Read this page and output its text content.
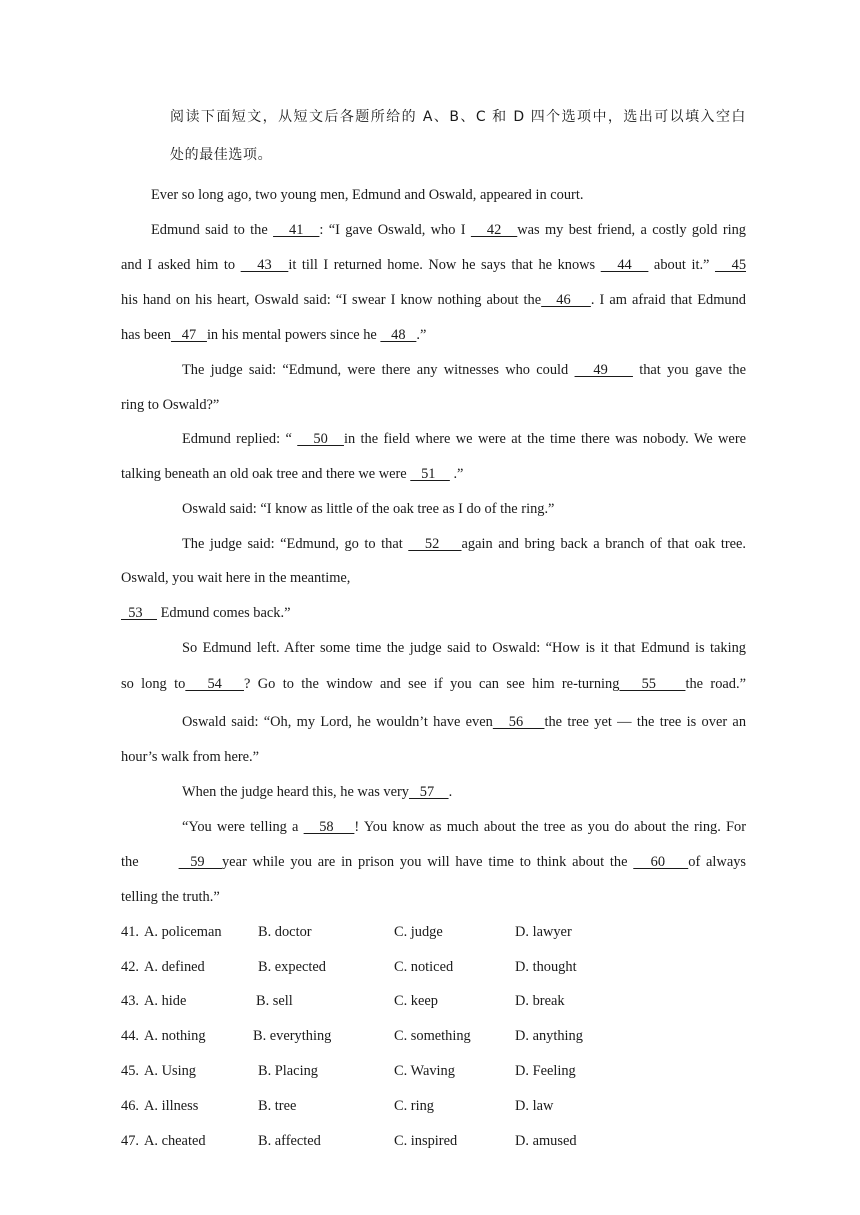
阅读下面短文，从短文后各题所给的 A、B、C 和 D 四个选项中，选出可以填入空白
处的最佳选项。
Ever so long ago, two young men, Edmund and Oswald, appeared in court.
Edmund said to the    41   : “I gave Oswald, who I    42   was my best friend, a costly gold ring
and I asked him to    43   it till I returned home. Now he says that he knows    44    about it.”    45
his hand on his heart, Oswald said: “I swear I know nothing about the   46    . I am afraid that Edmund
has been   47   in his mental powers since he    48   .”
The judge said: “Edmund, were there any witnesses who could    49     that you gave the
ring to Oswald?”
Edmund replied: “    50   in the field where we were at the time there was nobody. We were
talking beneath an old oak tree and there we were    51     .”
Oswald said: “I know as little of the oak tree as I do of the ring.”
The judge said: “Edmund, go to that    52    again and bring back a branch of that oak tree.
Oswald, you wait here in the meantime,
53     Edmund comes back.”
So Edmund left. After some time the judge said to Oswald: “How is it that Edmund is taking
so long to   54   ? Go to the window and see if you can see him re-turning   55    the road.”
Oswald said: “Oh, my Lord, he wouldn’t have even   56    the tree yet — the tree is over an
hour’s walk from here.”
When the judge heard this, he was very   57    .
“You were telling a    58    ! You know as much about the tree as you do about the ring. For
the	59   year while you are in prison you will have time to think about the    60    of always
telling the truth.”
41. A. policeman	B. doctor	C. judge	D. lawyer
42. A. defined	B. expected	C. noticed	D. thought
43. A. hide	B. sell	C. keep	D. break
44. A. nothing	B. everything	C. something	D. anything
45. A. Using	B. Placing	C. Waving	D. Feeling
46. A. illness	B. tree	C. ring	D. law
47. A. cheated	B. affected	C. inspired	D. amused
